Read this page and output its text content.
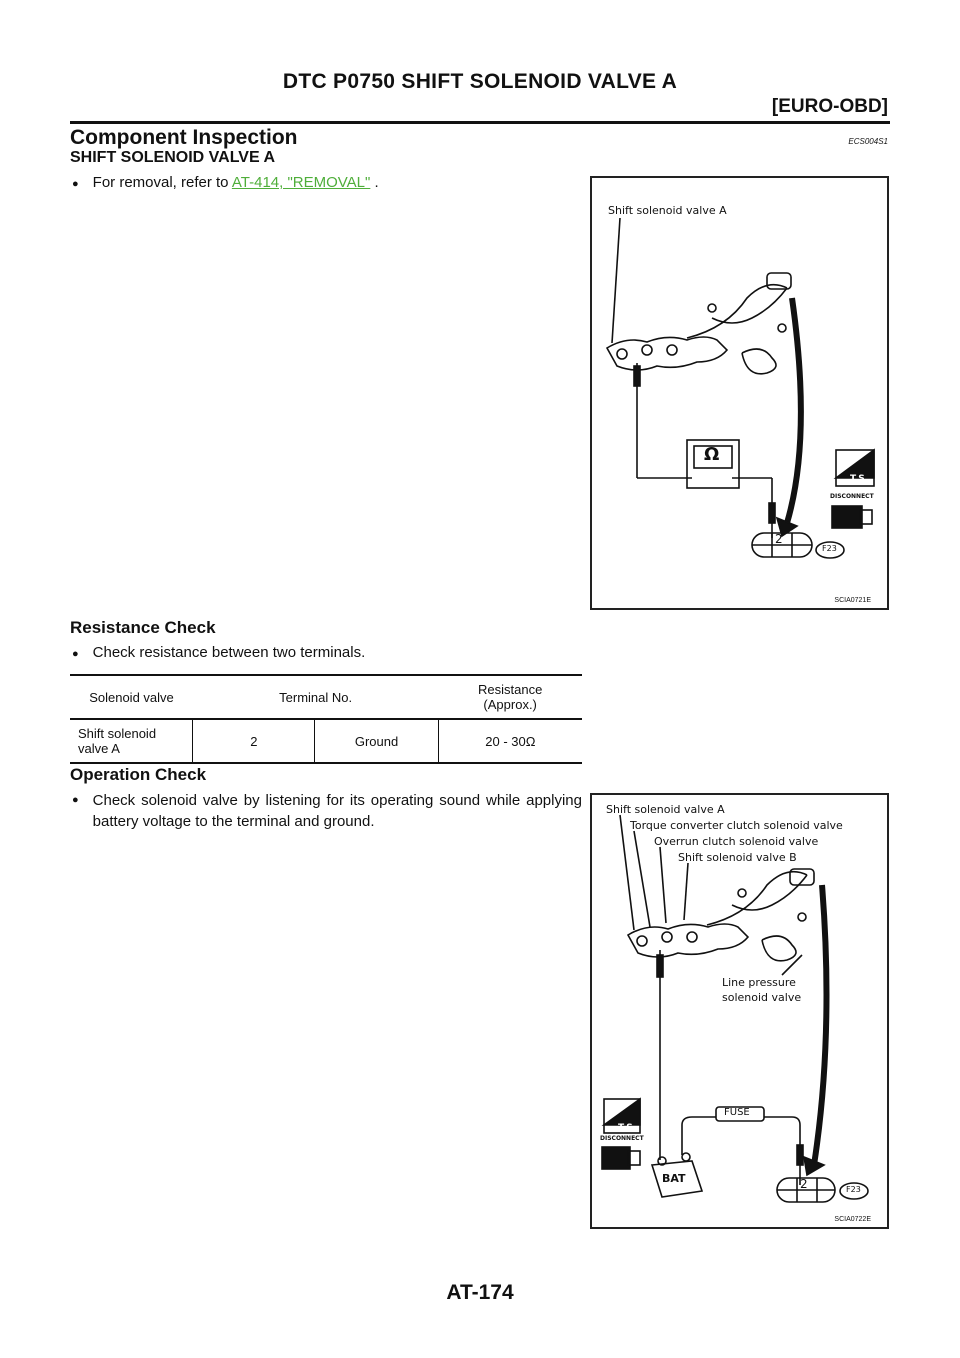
DTC P0750 SHIFT SOLENOID VALVE A
[EURO-OBD]
Component Inspection	ECS004S1
SHIFT SOLENOID VALVE A
● For removal, refer to AT-414, "REMOVAL" .
Shift solenoid valve A
Ω
T.S.
DISCONNECT
2
F23
SCIA0721E
Resistance Check
● Check resistance between two terminals.
Solenoid valve	Terminal No.		Resistance (Approx.)
Shift solenoid valve A	2	Ground	20 - 30Ω
Operation Check
● Check solenoid valve by listening for its operating sound while applying battery voltage to the terminal and ground.
Shift solenoid valve A
Torque converter clutch solenoid valve
Overrun clutch solenoid valve
Shift solenoid valve B
Line pressure solenoid valve
FUSE
BAT
T.S.
DISCONNECT
2	F23
SCIA0722E
AT-174
